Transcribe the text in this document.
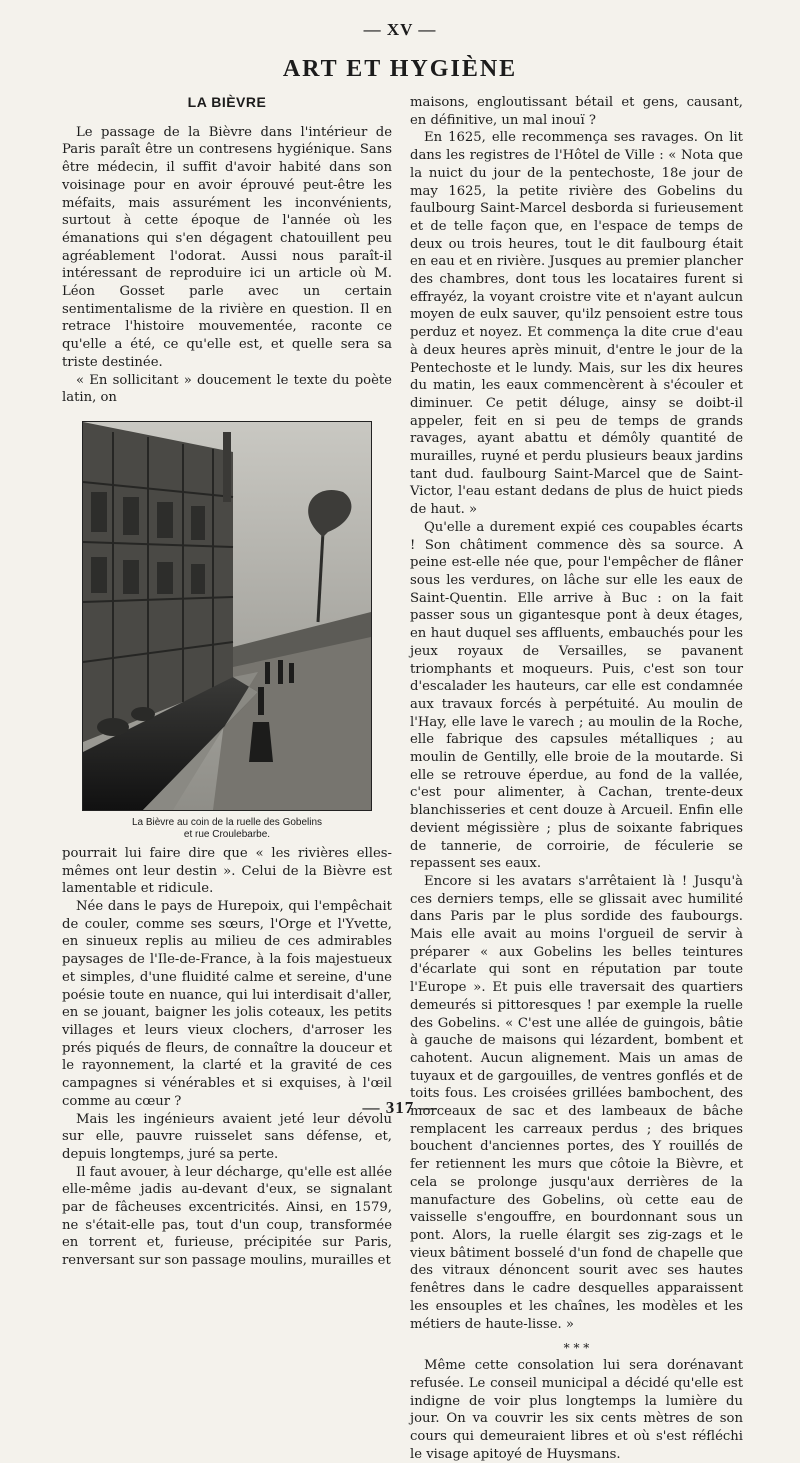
— XV —
ART ET HYGIÈNE
LA BIÈVRE

Le passage de la Bièvre dans l'intérieur de Paris paraît être un contresens hygiénique. Sans être médecin, il suffit d'avoir habité dans son voisinage pour en avoir éprouvé peut-être les méfaits, mais assurément les inconvénients, surtout à cette époque de l'année où les émanations qui s'en dégagent chatouillent peu agréablement l'odorat. Aussi nous paraît-il intéressant de reproduire ici un article où M. Léon Gosset parle avec un certain sentimentalisme de la rivière en question. Il en retrace l'histoire mouvementée, raconte ce qu'elle a été, ce qu'elle est, et quelle sera sa triste destinée.

« En sollicitant » doucement le texte du poète latin, on

La Bièvre au coin de la ruelle des Gobelins
et rue Croulebarbe.

pourrait lui faire dire que « les rivières elles-mêmes ont leur destin ». Celui de la Bièvre est lamentable et ridicule.

Née dans le pays de Hurepoix, qui l'empêchait de couler, comme ses sœurs, l'Orge et l'Yvette, en sinueux replis au milieu de ces admirables paysages de l'Ile-de-France, à la fois majestueux et simples, d'une fluidité calme et sereine, d'une poésie toute en nuance, qui lui interdisait d'aller, en se jouant, baigner les jolis coteaux, les petits villages et leurs vieux clochers, d'arroser les prés piqués de fleurs, de connaître la douceur et le rayonnement, la clarté et la gravité de ces campagnes si vénérables et si exquises, à l'œil comme au cœur ?

Mais les ingénieurs avaient jeté leur dévolu sur elle, pauvre ruisselet sans défense, et, depuis longtemps, juré sa perte.

Il faut avouer, à leur décharge, qu'elle est allée elle-même jadis au-devant d'eux, se signalant par de fâcheuses excentricités. Ainsi, en 1579, ne s'était-elle pas, tout d'un coup, transformée en torrent et, furieuse, précipitée sur Paris, renversant sur son passage moulins, murailles et

maisons, engloutissant bétail et gens, causant, en définitive, un mal inouï ?

En 1625, elle recommença ses ravages. On lit dans les registres de l'Hôtel de Ville : « Nota que la nuict du jour de la pentechoste, 18e jour de may 1625, la petite rivière des Gobelins du faulbourg Saint-Marcel desborda si furieusement et de telle façon que, en l'espace de temps de deux ou trois heures, tout le dit faulbourg était en eau et en rivière. Jusques au premier plancher des chambres, dont tous les locataires furent si effrayéz, la voyant croistre vite et n'ayant aulcun moyen de eulx sauver, qu'ilz pensoient estre tous perduz et noyez. Et commença la dite crue d'eau à deux heures après minuit, d'entre le jour de la Pentechoste et le lundy. Mais, sur les dix heures du matin, les eaux commencèrent à s'écouler et diminuer. Ce petit déluge, ainsy se doibt-il appeler, feit en si peu de temps de grands ravages, ayant abattu et démôly quantité de murailles, ruyné et perdu plusieurs beaux jardins tant dud. faulbourg Saint-Marcel que de Saint-Victor, l'eau estant dedans de plus de huict pieds de haut. »

Qu'elle a durement expié ces coupables écarts ! Son châtiment commence dès sa source. A peine est-elle née que, pour l'empêcher de flâner sous les verdures, on lâche sur elle les eaux de Saint-Quentin. Elle arrive à Buc : on la fait passer sous un gigantesque pont à deux étages, en haut duquel ses affluents, embauchés pour les jeux royaux de Versailles, se pavanent triomphants et moqueurs. Puis, c'est son tour d'escalader les hauteurs, car elle est condamnée aux travaux forcés à perpétuité. Au moulin de l'Hay, elle lave le varech ; au moulin de la Roche, elle fabrique des capsules métalliques ; au moulin de Gentilly, elle broie de la moutarde. Si elle se retrouve éperdue, au fond de la vallée, c'est pour alimenter, à Cachan, trente-deux blanchisseries et cent douze à Arcueil. Enfin elle devient mégissière ; plus de soixante fabriques de tannerie, de corroirie, de féculerie se repassent ses eaux.

Encore si les avatars s'arrêtaient là ! Jusqu'à ces derniers temps, elle se glissait avec humilité dans Paris par le plus sordide des faubourgs. Mais elle avait au moins l'orgueil de servir à préparer « aux Gobelins les belles teintures d'écarlate qui sont en réputation par toute l'Europe ». Et puis elle traversait des quartiers demeurés si pittoresques ! par exemple la ruelle des Gobelins. « C'est une allée de guingois, bâtie à gauche de maisons qui lézardent, bombent et cahotent. Aucun alignement. Mais un amas de tuyaux et de gargouilles, de ventres gonflés et de toits fous. Les croisées grillées bambochent, des morceaux de sac et des lambeaux de bâche remplacent les carreaux perdus ; des briques bouchent d'anciennes portes, des Y rouillés de fer retiennent les murs que côtoie la Bièvre, et cela se prolonge jusqu'aux derrières de la manufacture des Gobelins, où cette eau de vaisselle s'engouffre, en bourdonnant sous un pont. Alors, la ruelle élargit ses zig-zags et le vieux bâtiment bosselé d'un fond de chapelle que des vitraux dénoncent sourit avec ses hautes fenêtres dans le cadre desquelles apparaissent les ensouples et les chaînes, les modèles et les métiers de haute-lisse. »

* * *

Même cette consolation lui sera dorénavant refusée. Le conseil municipal a décidé qu'elle est indigne de voir plus longtemps la lumière du jour. On va couvrir les six cents mètres de son cours qui demeuraient libres et où s'est réfléchi le visage apitoyé de Huysmans.

— 317 —
